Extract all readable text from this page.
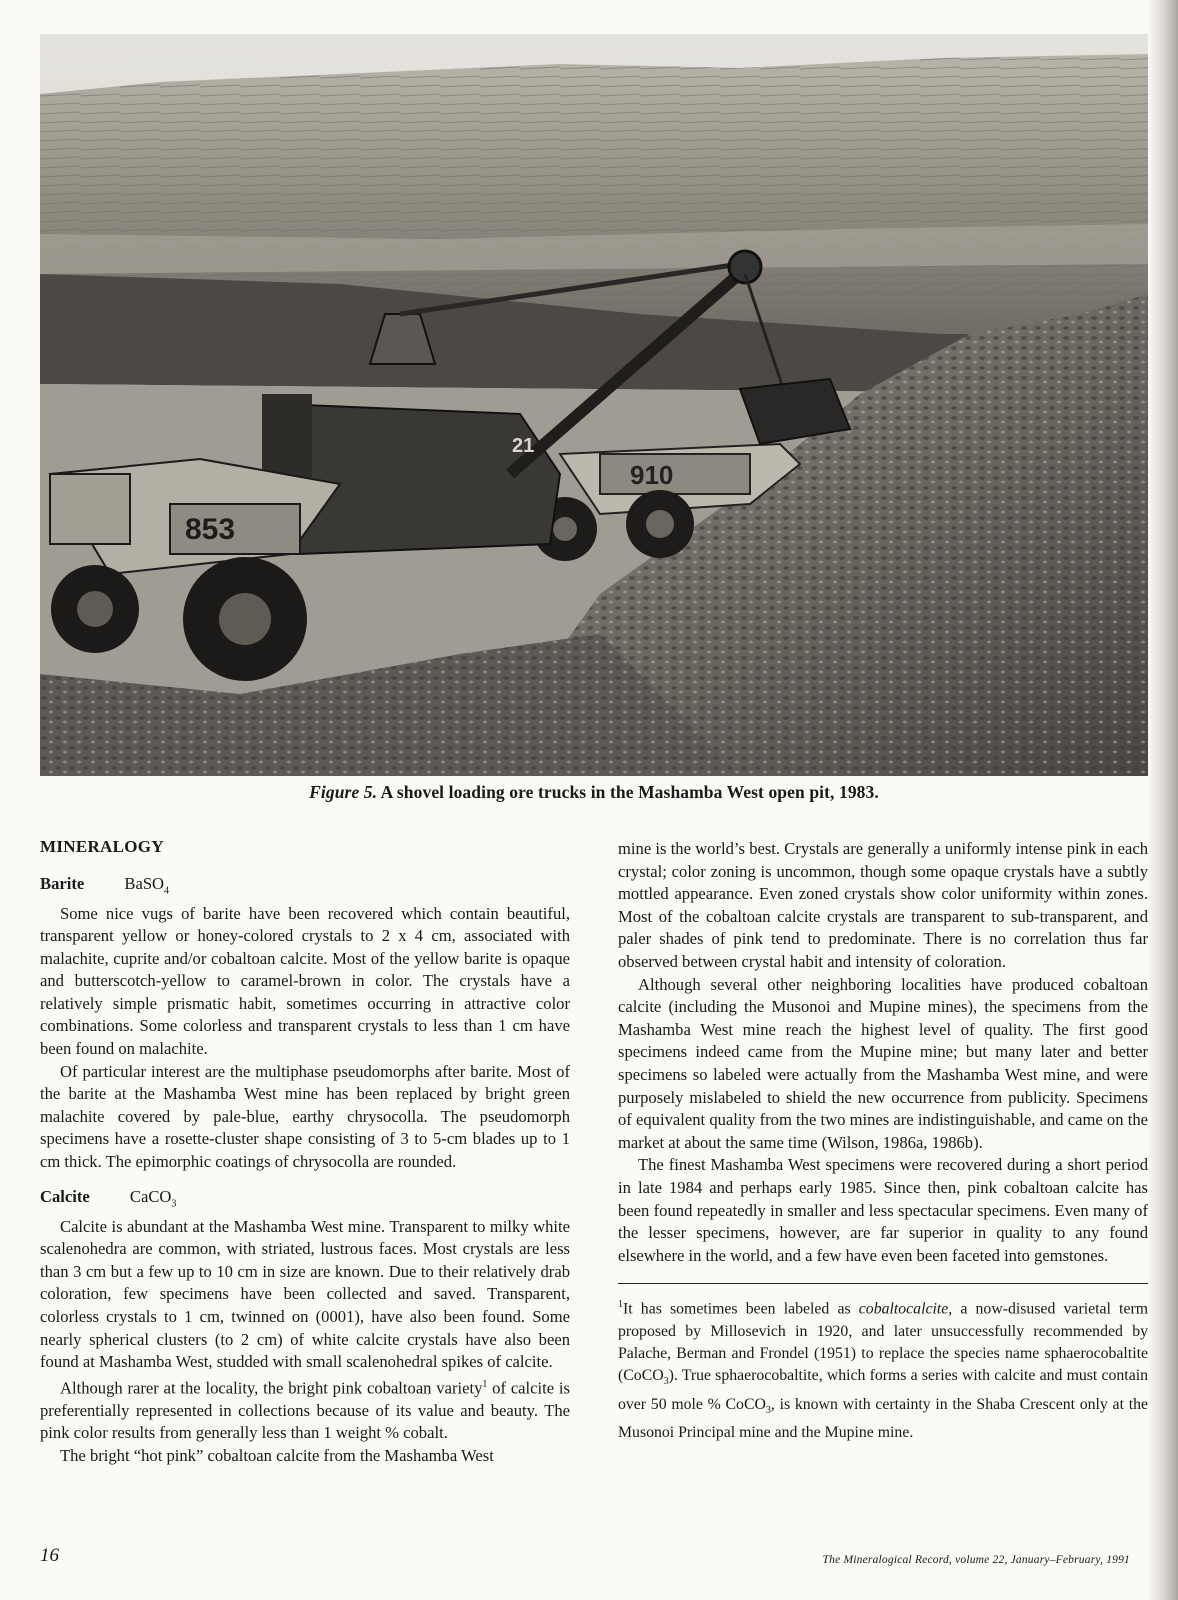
910
21
853
Figure 5. A shovel loading ore trucks in the Mashamba West open pit, 1983.
MINERALOGY
Barite BaSO$_4$

Some nice vugs of barite have been recovered which contain beautiful, transparent yellow or honey-colored crystals to 2 x 4 cm, associated with malachite, cuprite and/or cobaltoan calcite. Most of the yellow barite is opaque and butterscotch-yellow to caramel-brown in color. The crystals have a relatively simple prismatic habit, sometimes occurring in attractive color combinations. Some colorless and transparent crystals to less than 1 cm have been found on malachite.

Of particular interest are the multiphase pseudomorphs after barite. Most of the barite at the Mashamba West mine has been replaced by bright green malachite covered by pale-blue, earthy chrysocolla. The pseudomorph specimens have a rosette-cluster shape consisting of 3 to 5-cm blades up to 1 cm thick. The epimorphic coatings of chrysocolla are rounded.

Calcite CaCO$_3$

Calcite is abundant at the Mashamba West mine. Transparent to milky white scalenohedra are common, with striated, lustrous faces. Most crystals are less than 3 cm but a few up to 10 cm in size are known. Due to their relatively drab coloration, few specimens have been collected and saved. Transparent, colorless crystals to 1 cm, twinned on (0001), have also been found. Some nearly spherical clusters (to 2 cm) of white calcite crystals have also been found at Mashamba West, studded with small scalenohedral spikes of calcite.

Although rarer at the locality, the bright pink cobaltoan variety$^1$ of calcite is preferentially represented in collections because of its value and beauty. The pink color results from generally less than 1 weight % cobalt.

The bright “hot pink” cobaltoan calcite from the Mashamba West

mine is the world’s best. Crystals are generally a uniformly intense pink in each crystal; color zoning is uncommon, though some opaque crystals have a subtly mottled appearance. Even zoned crystals show color uniformity within zones. Most of the cobaltoan calcite crystals are transparent to sub-transparent, and paler shades of pink tend to predominate. There is no correlation thus far observed between crystal habit and intensity of coloration.

Although several other neighboring localities have produced cobaltoan calcite (including the Musonoi and Mupine mines), the specimens from the Mashamba West mine reach the highest level of quality. The first good specimens indeed came from the Mupine mine; but many later and better specimens so labeled were actually from the Mashamba West mine, and were purposely mislabeled to shield the new occurrence from publicity. Specimens of equivalent quality from the two mines are indistinguishable, and came on the market at about the same time (Wilson, 1986a, 1986b).

The finest Mashamba West specimens were recovered during a short period in late 1984 and perhaps early 1985. Since then, pink cobaltoan calcite has been found repeatedly in smaller and less spectacular specimens. Even many of the lesser specimens, however, are far superior in quality to any found elsewhere in the world, and a few have even been faceted into gemstones.

$^1$It has sometimes been labeled as cobaltocalcite, a now-disused varietal term proposed by Millosevich in 1920, and later unsuccessfully recommended by Palache, Berman and Frondel (1951) to replace the species name sphaerocobaltite (CoCO$_3$). True sphaerocobaltite, which forms a series with calcite and must contain over 50 mole % CoCO$_3$, is known with certainty in the Shaba Crescent only at the Musonoi Principal mine and the Mupine mine.

16	The Mineralogical Record, volume 22, January–February, 1991
